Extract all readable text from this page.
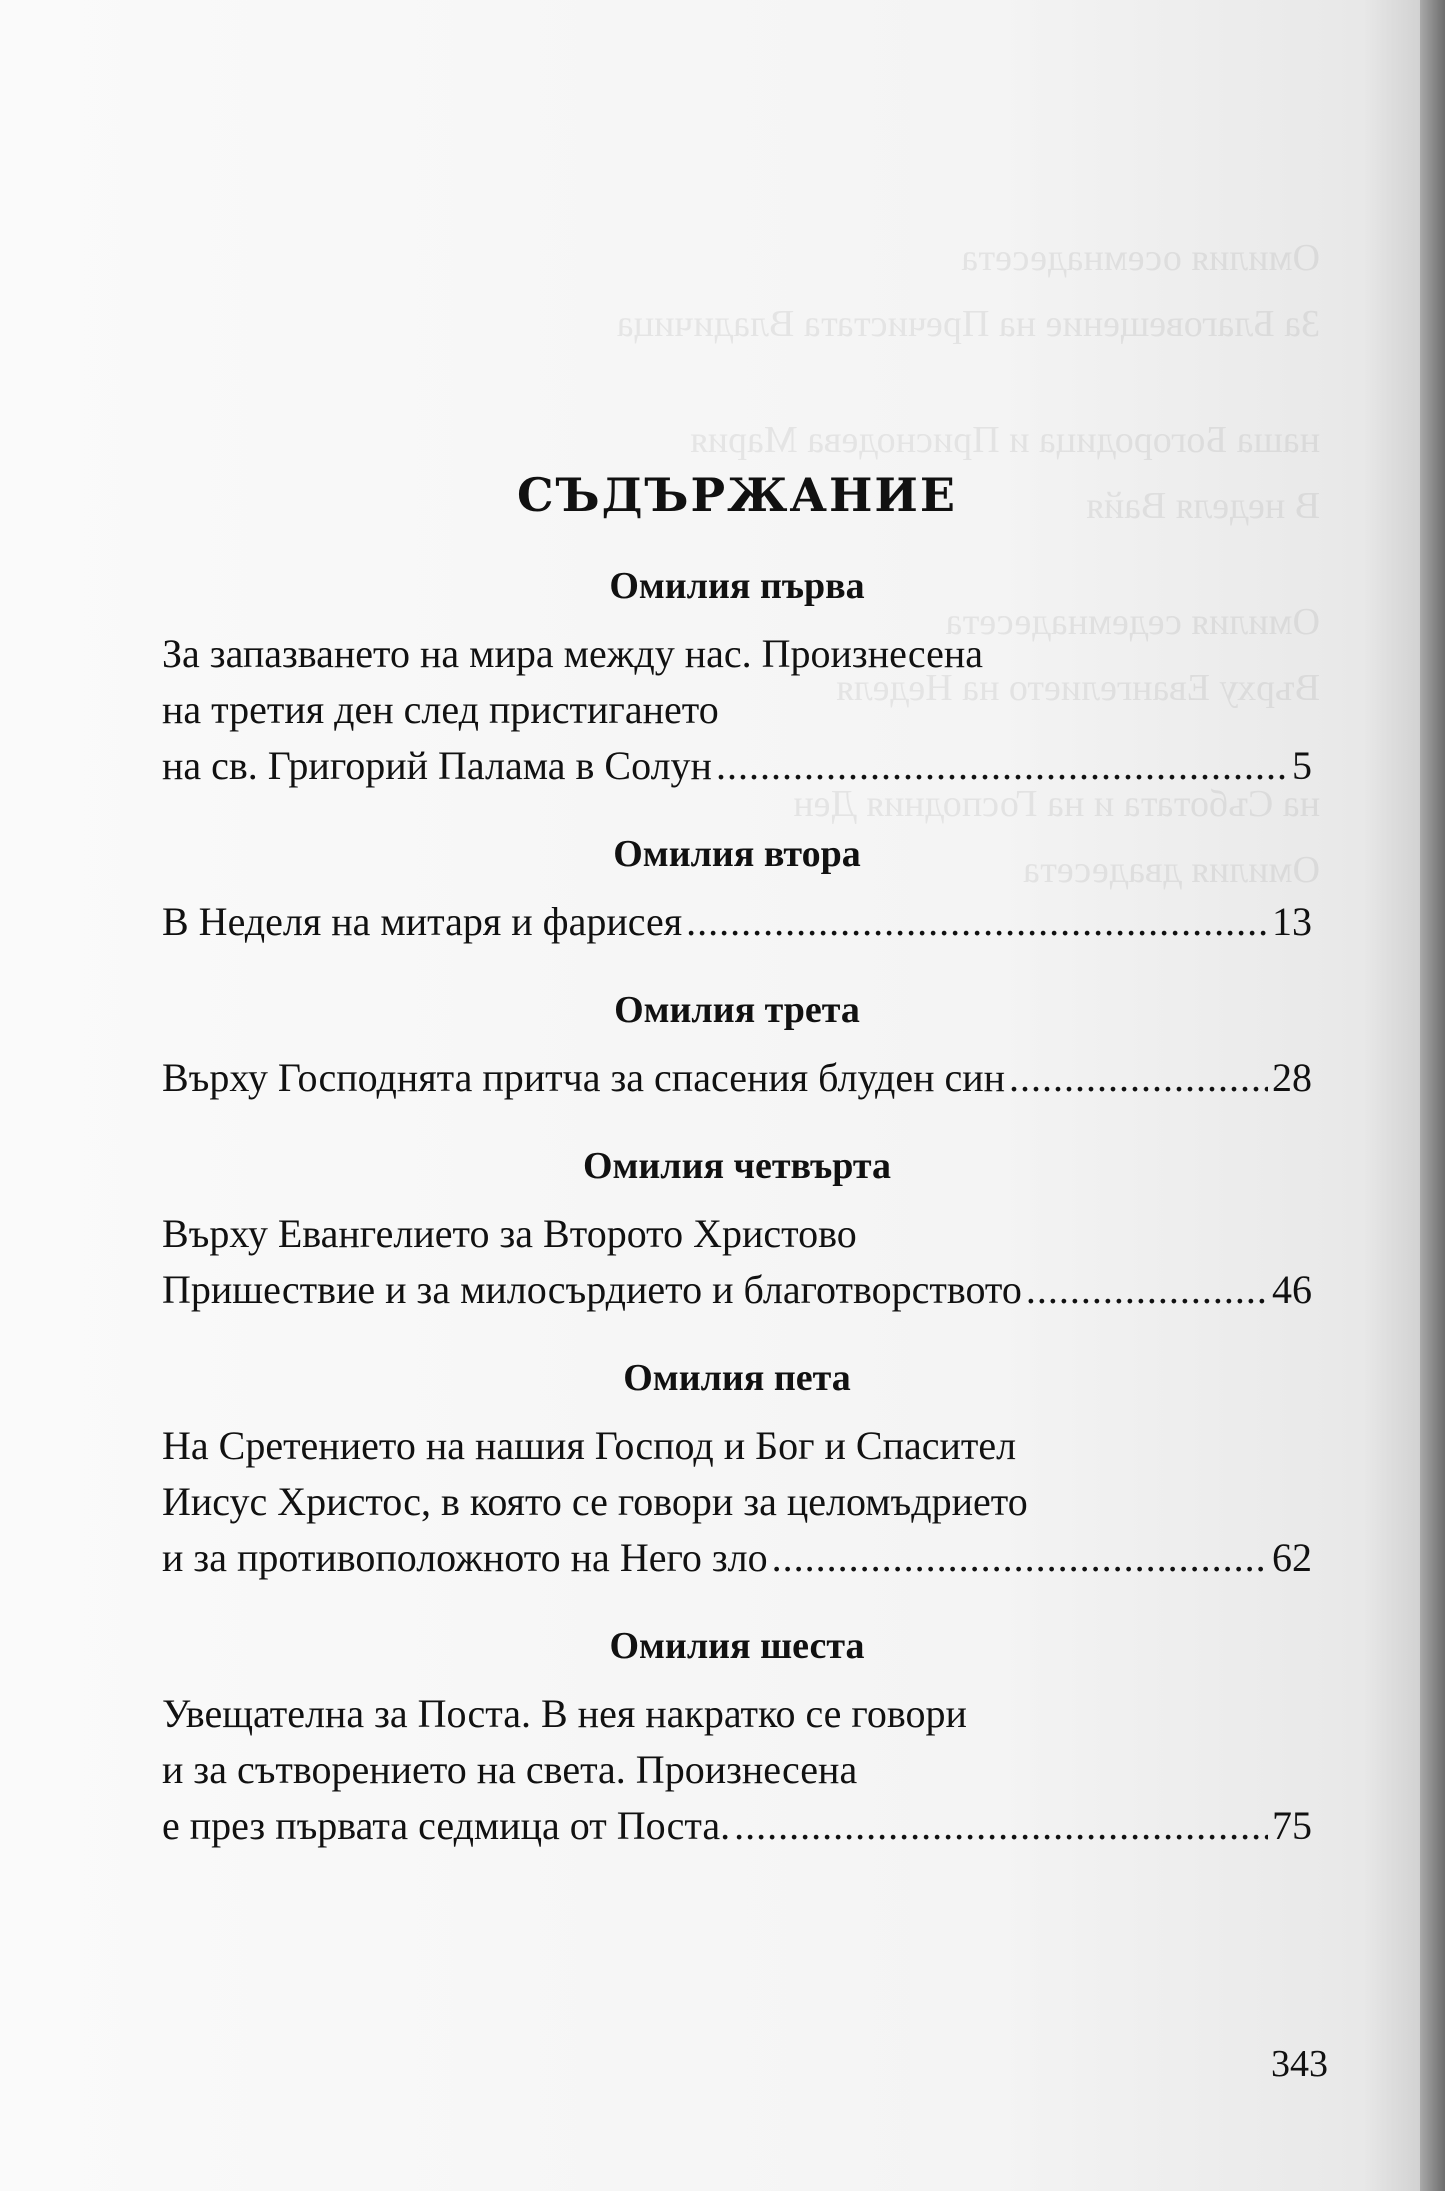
Омилия осемнадесета
За Благовещение на Пречистата Владичица
наша Богородица и Приснодева Мария
В неделя Вайя
Омилия седемнадесета
Върху Евангелието на Неделя
на Съботата и на Господния Ден
Омилия двадесета
СЪДЪРЖАНИЕ
Омилия първа
За запазването на мира между нас. Произнесена
на третия ден след пристигането
на св. Григорий Палама в Солун .....	5
Омилия втора
В Неделя на митаря и фарисея .....	13
Омилия трета
Върху Господнята притча за спасения блуден син .....	28
Омилия четвърта
Върху Евангелието за Второто Христово
Пришествие и за милосърдието и благотворството .....	46
Омилия пета
На Сретението на нашия Господ и Бог и Спасител
Иисус Христос, в която се говори за целомъдрието
и за противоположното на Него зло .....	62
Омилия шеста
Увещателна за Поста. В нея накратко се говори
и за сътворението на света. Произнесена
е през първата седмица от Поста. .....	75
343
